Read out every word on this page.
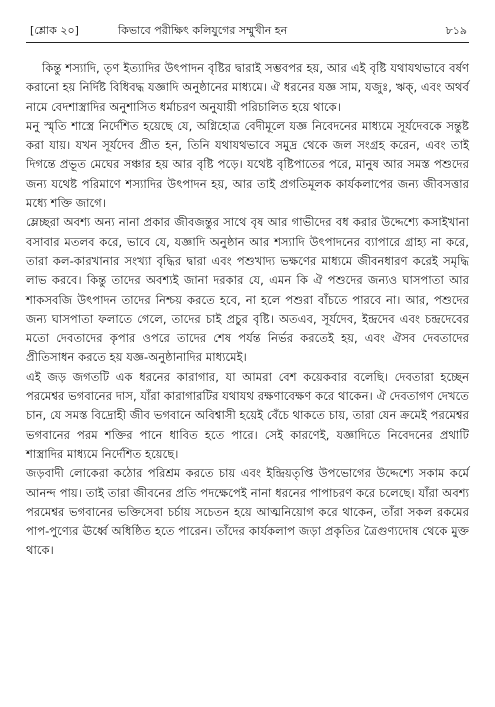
[শ্লোক ২০]	কিভাবে পরীক্ষিৎ কলিযুগের সম্মুখীন হন	৮১৯

কিন্তু শস্যাদি, তৃণ ইত্যাদির উৎপাদন বৃষ্টির দ্বারাই সম্ভবপর হয়, আর এই বৃষ্টি যথাযথভাবে বর্ষণ করানো হয় নির্দিষ্ট বিধিবদ্ধ যজ্ঞাদি অনুষ্ঠানের মাধ্যমে। ঐ ধরনের যজ্ঞ সাম, যজুঃ, ঋক্, এবং অথর্ব নামে বেদশাস্ত্রাদির অনুশাসিত ধর্মাচরণ অনুযায়ী পরিচালিত হয়ে থাকে।

মনু স্মৃতি শাস্ত্রে নির্দেশিত হয়েছে যে, অগ্নিহোত্র বেদীমূলে যজ্ঞ নিবেদনের মাধ্যমে সূর্যদেবকে সন্তুষ্ট করা যায়। যখন সূর্যদেব প্রীত হন, তিনি যথাযথভাবে সমুদ্র থেকে জল সংগ্রহ করেন, এবং তাই দিগন্তে প্রভূত মেঘের সঞ্চার হয় আর বৃষ্টি পড়ে। যথেষ্ট বৃষ্টিপাতের পরে, মানুষ আর সমস্ত পশুদের জন্য যথেষ্ট পরিমাণে শস্যাদির উৎপাদন হয়, আর তাই প্রগতিমূলক কার্যকলাপের জন্য জীবসত্তার মধ্যে শক্তি জাগে।

ম্লেচ্ছরা অবশ্য অন্য নানা প্রকার জীবজন্তুর সাথে বৃষ আর গাভীদের বধ করার উদ্দেশ্যে কসাইখানা বসাবার মতলব করে, ভাবে যে, যজ্ঞাদি অনুষ্ঠান আর শস্যাদি উৎপাদনের ব্যাপারে গ্রাহ্য না করে, তারা কল-কারখানার সংখ্যা বৃদ্ধির দ্বারা এবং পশুখাদ্য ভক্ষণের মাধ্যমে জীবনধারণ করেই সমৃদ্ধি লাভ করবে। কিন্তু তাদের অবশ্যই জানা দরকার যে, এমন কি ঐ পশুদের জন্যও ঘাসপাতা আর শাকসবজি উৎপাদন তাদের নিশ্চয় করতে হবে, না হলে পশুরা বাঁচতে পারবে না। আর, পশুদের জন্য ঘাসপাতা ফলাতে গেলে, তাদের চাই প্রচুর বৃষ্টি। অতএব, সূর্যদেব, ইন্দ্রদেব এবং চন্দ্রদেবের মতো দেবতাদের কৃপার ওপরে তাদের শেষ পর্যন্ত নির্ভর করতেই হয়, এবং ঐসব দেবতাদের প্রীতিসাধন করতে হয় যজ্ঞ-অনুষ্ঠানাদির মাধ্যমেই।

এই জড় জগতটি এক ধরনের কারাগার, যা আমরা বেশ কয়েকবার বলেছি। দেবতারা হচ্ছেন পরমেশ্বর ভগবানের দাস, যাঁরা কারাগারটির যথাযথ রক্ষণাবেক্ষণ করে থাকেন। ঐ দেবতাগণ দেখতে চান, যে সমস্ত বিদ্রোহী জীব ভগবানে অবিশ্বাসী হয়েই বেঁচে থাকতে চায়, তারা যেন ক্রমেই পরমেশ্বর ভগবানের পরম শক্তির পানে ধাবিত হতে পারে। সেই কারণেই, যজ্ঞাদিতে নিবেদনের প্রথাটি শাস্ত্রাদির মাধ্যমে নির্দেশিত হয়েছে।

জড়বাদী লোকেরা কঠোর পরিশ্রম করতে চায় এবং ইন্দ্রিয়তৃপ্তি উপভোগের উদ্দেশ্যে সকাম কর্মে আনন্দ পায়। তাই তারা জীবনের প্রতি পদক্ষেপেই নানা ধরনের পাপাচরণ করে চলেছে। যাঁরা অবশ্য পরমেশ্বর ভগবানের ভক্তিসেবা চর্চায় সচেতন হয়ে আত্মনিয়োগ করে থাকেন, তাঁরা সকল রকমের পাপ-পুণ্যের ঊর্ধ্বে অধিষ্ঠিত হতে পারেন। তাঁদের কার্যকলাপ জড়া প্রকৃতির ত্রৈগুণ্যদোষ থেকে মুক্ত থাকে।
